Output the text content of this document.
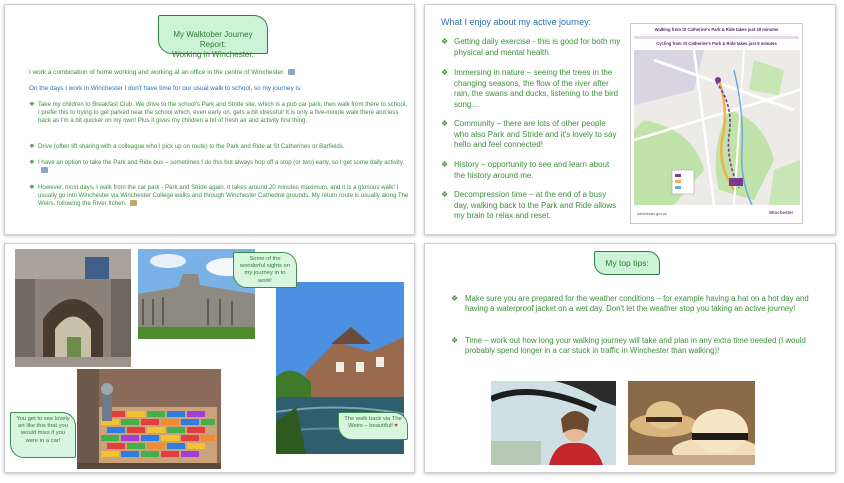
My Walktober Journey
Report:
Working in Winchester.

I work a combination of home working and working at an office in the centre of Winchester.
On the days I work in Winchester I don't have time for our usual walk to school, so my journey is:
❖ Take my children to Breakfast Club. We drive to the school's Park and Stride site, which is a pub car park, then walk from there to school. I prefer this to trying to get parked near the school which, even early on, gets a bit stressful! It is only a five-minute walk there and less back as I'm a bit quicker on my own! Plus it gives my children a bit of fresh air and activity first thing.
❖ Drive (often lift sharing with a colleague who I pick up on route) to the Park and Ride at St Catherines or Barfields.
❖ I have an option to take the Park and Ride bus – sometimes I do this but always hop off a stop (or two) early, so I get some daily activity.
❖ However, most days, I walk from the car park - Park and Stride again. It takes around 20 minutes maximum, and it is a glorious walk! I usually go into Winchester via Winchester College walks and through Winchester Cathedral grounds. My return route is usually along The Weirs, following the River Itchen.
What I enjoy about my active journey:
❖ Getting daily exercise - this is good for both my physical and mental health.
❖ Immersing in nature – seeing the trees in the changing seasons, the flow of the river after rain, the swans and ducks, listening to the bird song…
❖ Community – there are lots of other people who also Park and Stride and it's lovely to say hello and feel connected!
❖ History – opportunity to see and learn about the history around me.
❖ Decompression time – at the end of a busy day, walking back to the Park and Ride allows my brain to relax and reset.
Walking from St Catherine's Park & Ride takes just 18 minutes
Cycling from St Catherine's Park & Ride takes just 8 minutes
winchester.gov.uk	Winchester
Some of the wonderful sights on my journey in to work!
You get to see lovely art like this that you would miss if you were in a car!
The walk back via The Weirs – beautiful! ♥
My top tips:
❖ Make sure you are prepared for the weather conditions – for example having a hat on a hot day and having a waterproof jacket on a wet day. Don't let the weather stop you taking an active journey!
❖ Time – work out how long your walking journey will take and plan in any extra time needed (I would probably spend longer in a car stuck in traffic in Winchester than walking)!
